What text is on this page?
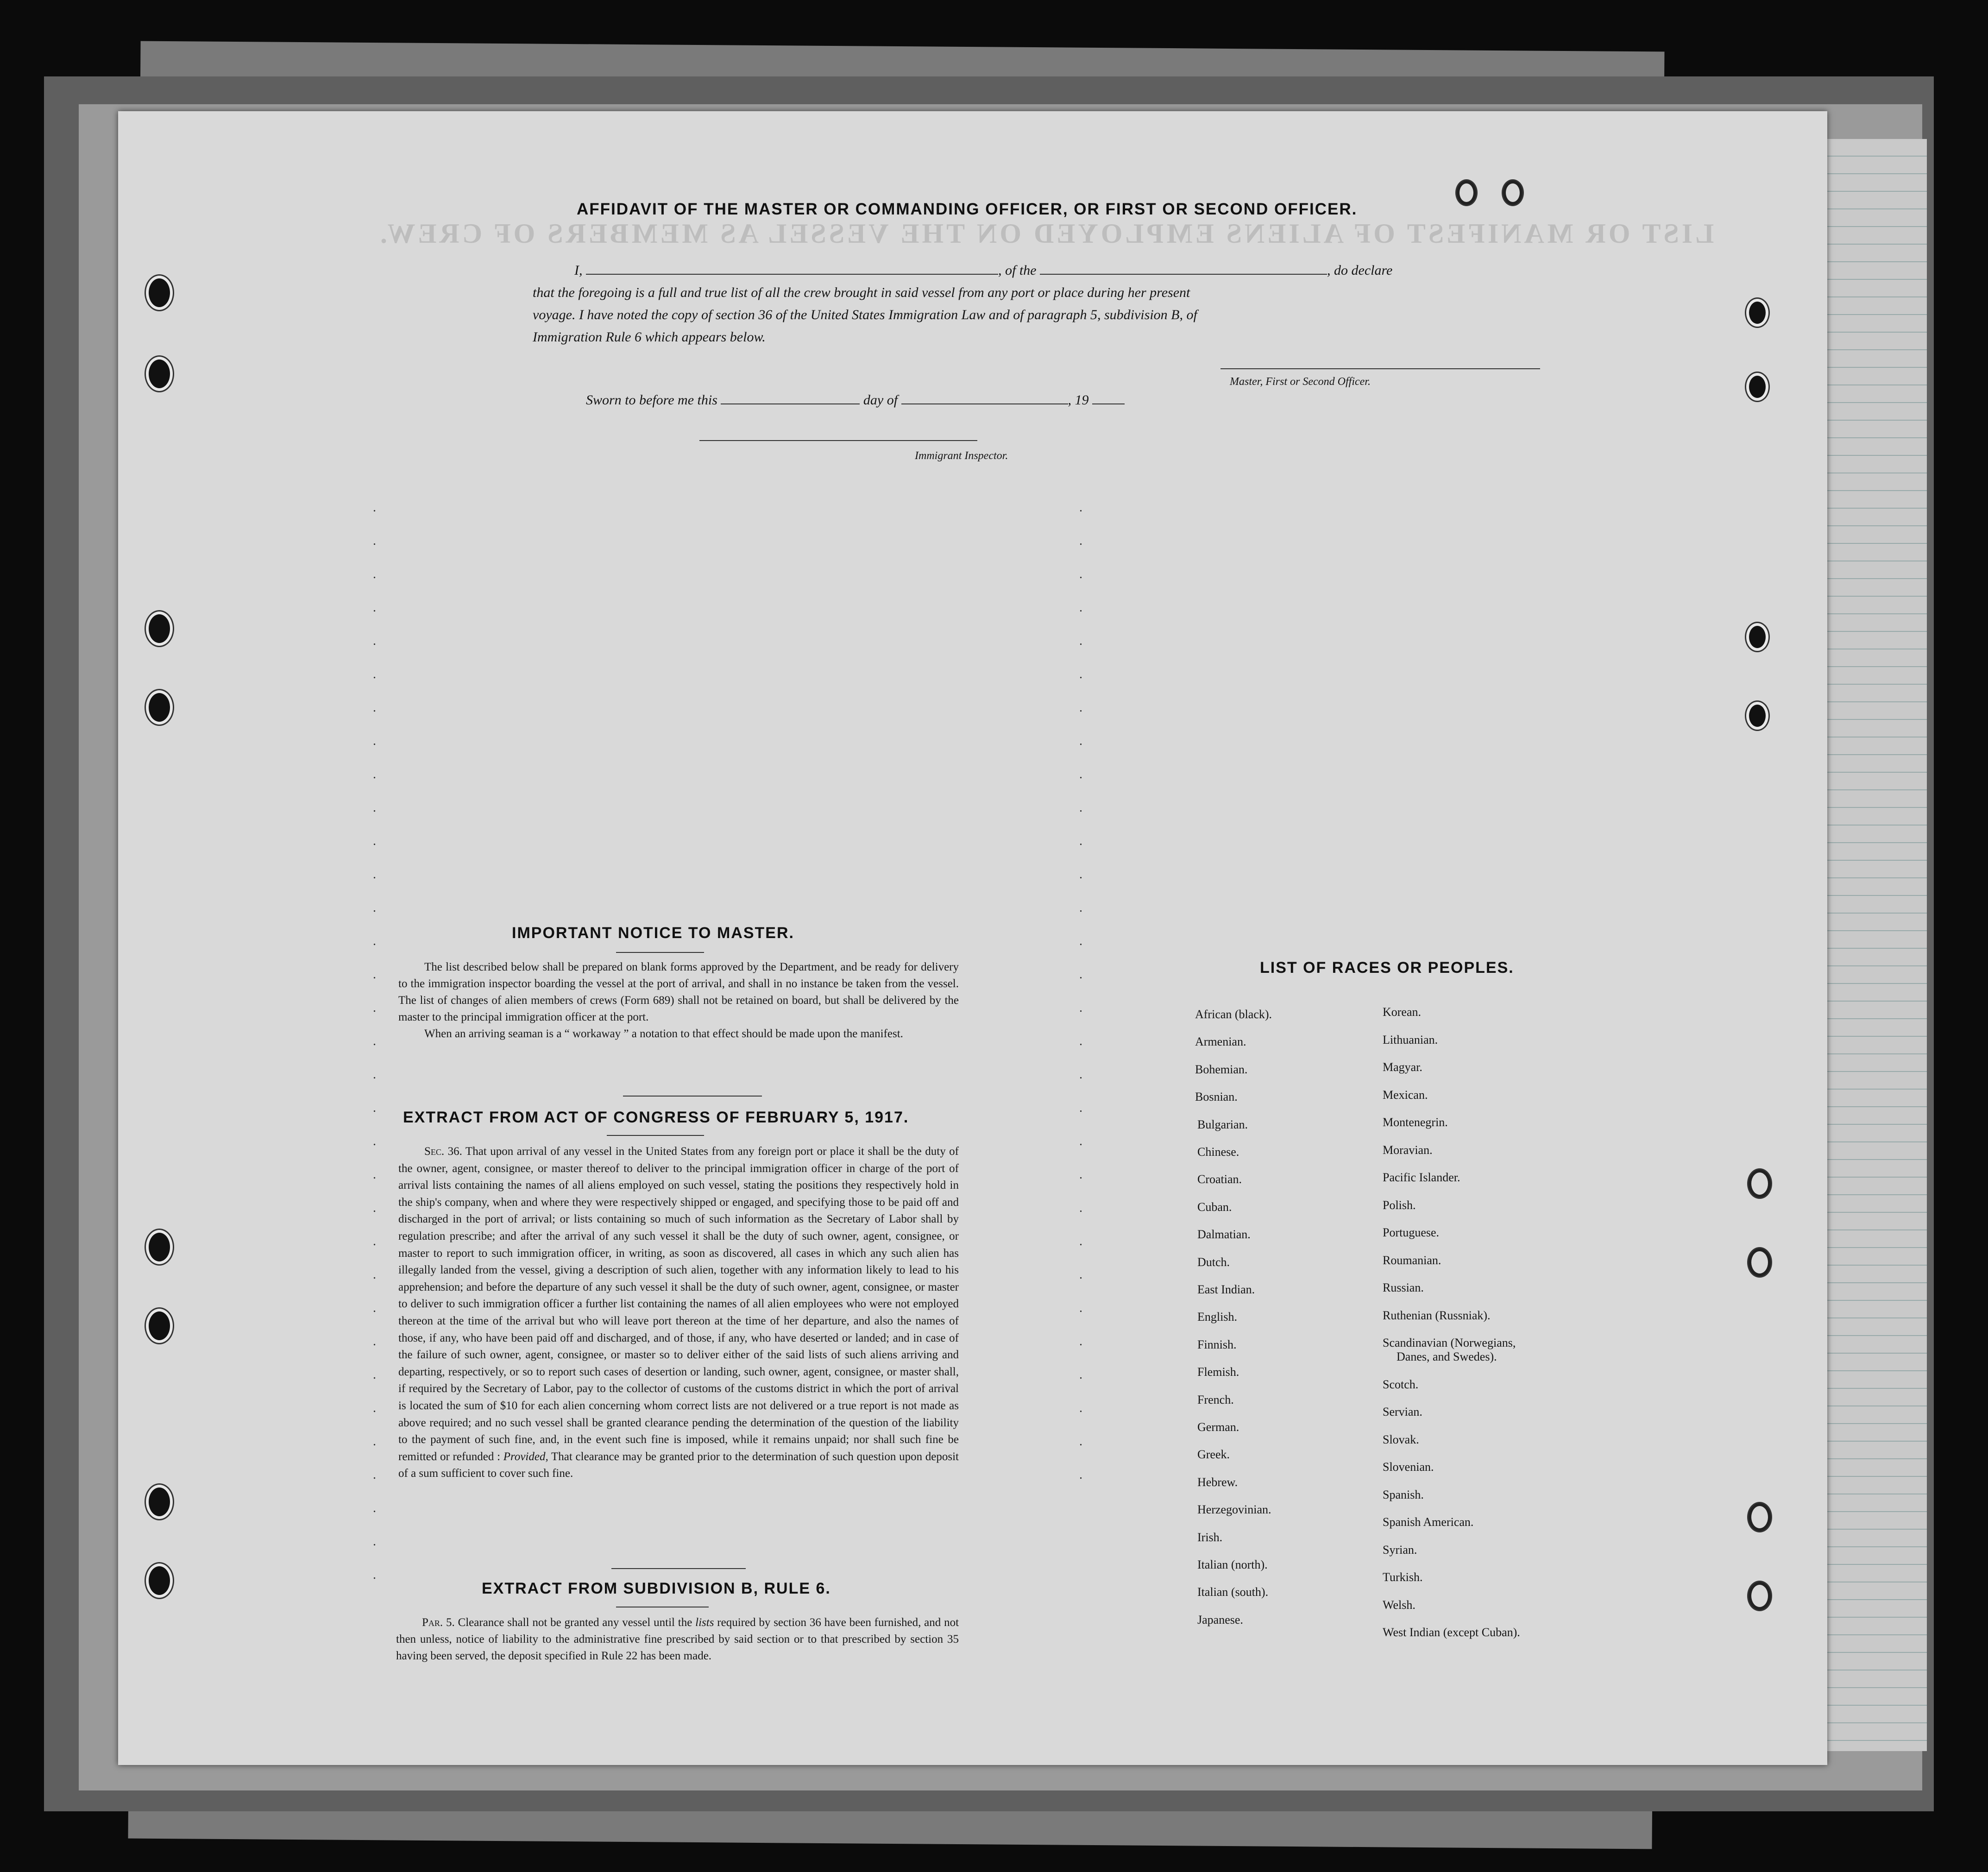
LIST OR MANIFEST OF ALIENS EMPLOYED ON THE VESSEL AS MEMBERS OF CREW.
AFFIDAVIT OF THE MASTER OR COMMANDING OFFICER, OR FIRST OR SECOND OFFICER.
I,	, of the	, do declare
that the foregoing is a full and true list of all the crew brought in said vessel from any port or place during her present
voyage. I have noted the copy of section 36 of the United States Immigration Law and of paragraph 5, subdivision B, of
Immigration Rule 6 which appears below.
Master, First or Second Officer.
Sworn to before me this	day of	, 19
Immigrant Inspector.
. .
. .
. .
. .
. .
. .
. .
. .
. .
. .
. .
. .
. .
. .
. .
.
.
.
.
.
.
.
.
.
.
.
.
.
.
.
.
.
.
.
.
.
.
.
.
.
.
.
.
.
.
.
.
.
IMPORTANT NOTICE TO MASTER.

The list described below shall be prepared on blank forms approved by the Department, and be ready for delivery to the immigration inspector boarding the vessel at the port of arrival, and shall in no instance be taken from the vessel. The list of changes of alien members of crews (Form 689) shall not be retained on board, but shall be delivered by the master to the principal immigration officer at the port.

When an arriving seaman is a “ workaway ” a notation to that effect should be made upon the manifest.

EXTRACT FROM ACT OF CONGRESS OF FEBRUARY 5, 1917.

Sec. 36. That upon arrival of any vessel in the United States from any foreign port or place it shall be the duty of the owner, agent, consignee, or master thereof to deliver to the principal immigration officer in charge of the port of arrival lists containing the names of all aliens employed on such vessel, stating the positions they respectively hold in the ship's company, when and where they were respectively shipped or engaged, and specifying those to be paid off and discharged in the port of arrival; or lists containing so much of such information as the Secretary of Labor shall by regulation prescribe; and after the arrival of any such vessel it shall be the duty of such owner, agent, consignee, or master to report to such immigration officer, in writing, as soon as discovered, all cases in which any such alien has illegally landed from the vessel, giving a description of such alien, together with any information likely to lead to his apprehension; and before the departure of any such vessel it shall be the duty of such owner, agent, consignee, or master to deliver to such immigration officer a further list containing the names of all alien employees who were not employed thereon at the time of the arrival but who will leave port thereon at the time of her departure, and also the names of those, if any, who have been paid off and discharged, and of those, if any, who have deserted or landed; and in case of the failure of such owner, agent, consignee, or master so to deliver either of the said lists of such aliens arriving and departing, respectively, or so to report such cases of desertion or landing, such owner, agent, consignee, or master shall, if required by the Secretary of Labor, pay to the collector of customs of the customs district in which the port of arrival is located the sum of $10 for each alien concerning whom correct lists are not delivered or a true report is not made as above required; and no such vessel shall be granted clearance pending the determination of the question of the liability to the payment of such fine, and, in the event such fine is imposed, while it remains unpaid; nor shall such fine be remitted or refunded : Provided, That clearance may be granted prior to the determination of such question upon deposit of a sum sufficient to cover such fine.

EXTRACT FROM SUBDIVISION B, RULE 6.

Par. 5. Clearance shall not be granted any vessel until the lists required by section 36 have been furnished, and not then unless, notice of liability to the administrative fine prescribed by said section or to that prescribed by section 35 having been served, the deposit specified in Rule 22 has been made.

LIST OF RACES OR PEOPLES.
African (black).
Armenian.
Bohemian.
Bosnian.
Bulgarian.
Chinese.
Croatian.
Cuban.
Dalmatian.
Dutch.
East Indian.
English.
Finnish.
Flemish.
French.
German.
Greek.
Hebrew.
Herzegovinian.
Irish.
Italian (north).
Italian (south).
Japanese.
Korean.
Lithuanian.
Magyar.
Mexican.
Montenegrin.
Moravian.
Pacific Islander.
Polish.
Portuguese.
Roumanian.
Russian.
Ruthenian (Russniak).
Scandinavian (Norwegians,
Danes, and Swedes).
Scotch.
Servian.
Slovak.
Slovenian.
Spanish.
Spanish American.
Syrian.
Turkish.
Welsh.
West Indian (except Cuban).
